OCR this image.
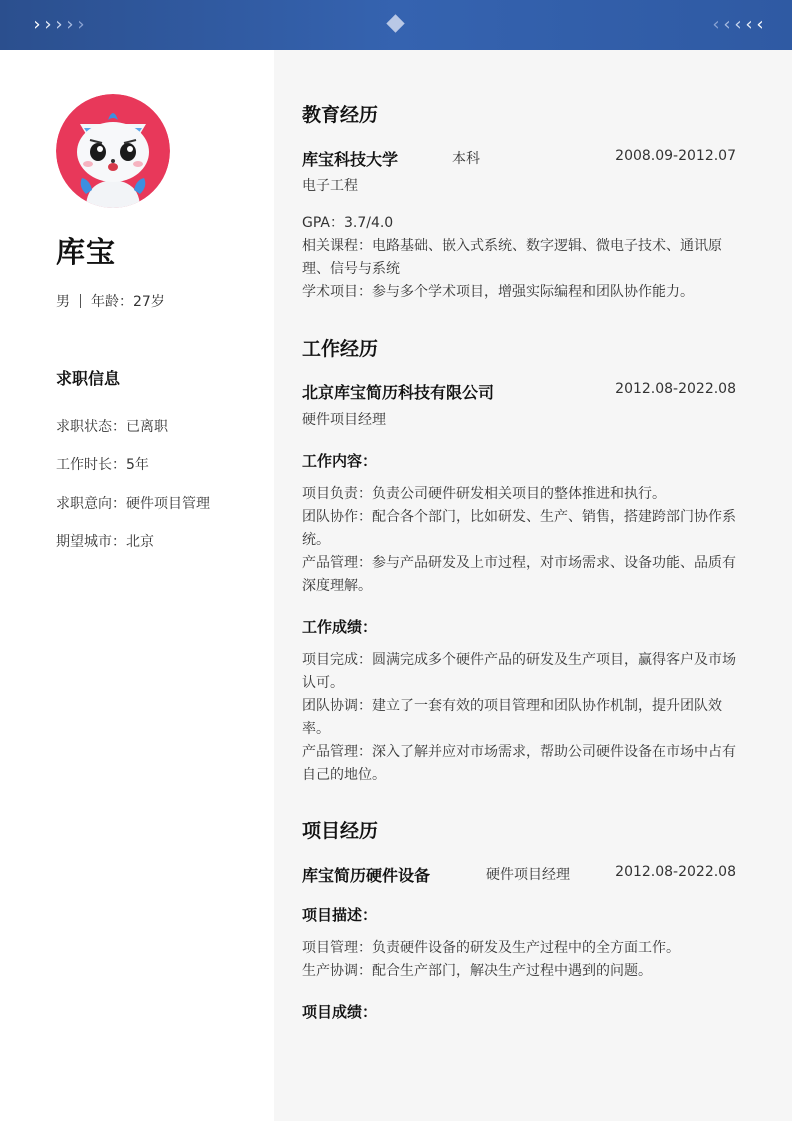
› › › › ›	‹ ‹ ‹ ‹ ‹
库宝
男 年龄：27岁
求职信息
求职状态：已离职
工作时长：5年
求职意向：硬件项目管理
期望城市：北京
教育经历
库宝科技大学	本科	2008.09-2012.07
电子工程
GPA：3.7/4.0
相关课程：电路基础、嵌入式系统、数字逻辑、微电子技术、通讯原理、信号与系统
学术项目：参与多个学术项目，增强实际编程和团队协作能力。
工作经历
北京库宝简历科技有限公司	2012.08-2022.08
硬件项目经理
工作内容：
项目负责：负责公司硬件研发相关项目的整体推进和执行。
团队协作：配合各个部门，比如研发、生产、销售，搭建跨部门协作系统。
产品管理：参与产品研发及上市过程，对市场需求、设备功能、品质有深度理解。
工作成绩：
项目完成：圆满完成多个硬件产品的研发及生产项目，赢得客户及市场认可。
团队协调：建立了一套有效的项目管理和团队协作机制，提升团队效率。
产品管理：深入了解并应对市场需求，帮助公司硬件设备在市场中占有自己的地位。
项目经历
库宝简历硬件设备	硬件项目经理	2012.08-2022.08
项目描述：
项目管理：负责硬件设备的研发及生产过程中的全方面工作。
生产协调：配合生产部门，解决生产过程中遇到的问题。
项目成绩：
